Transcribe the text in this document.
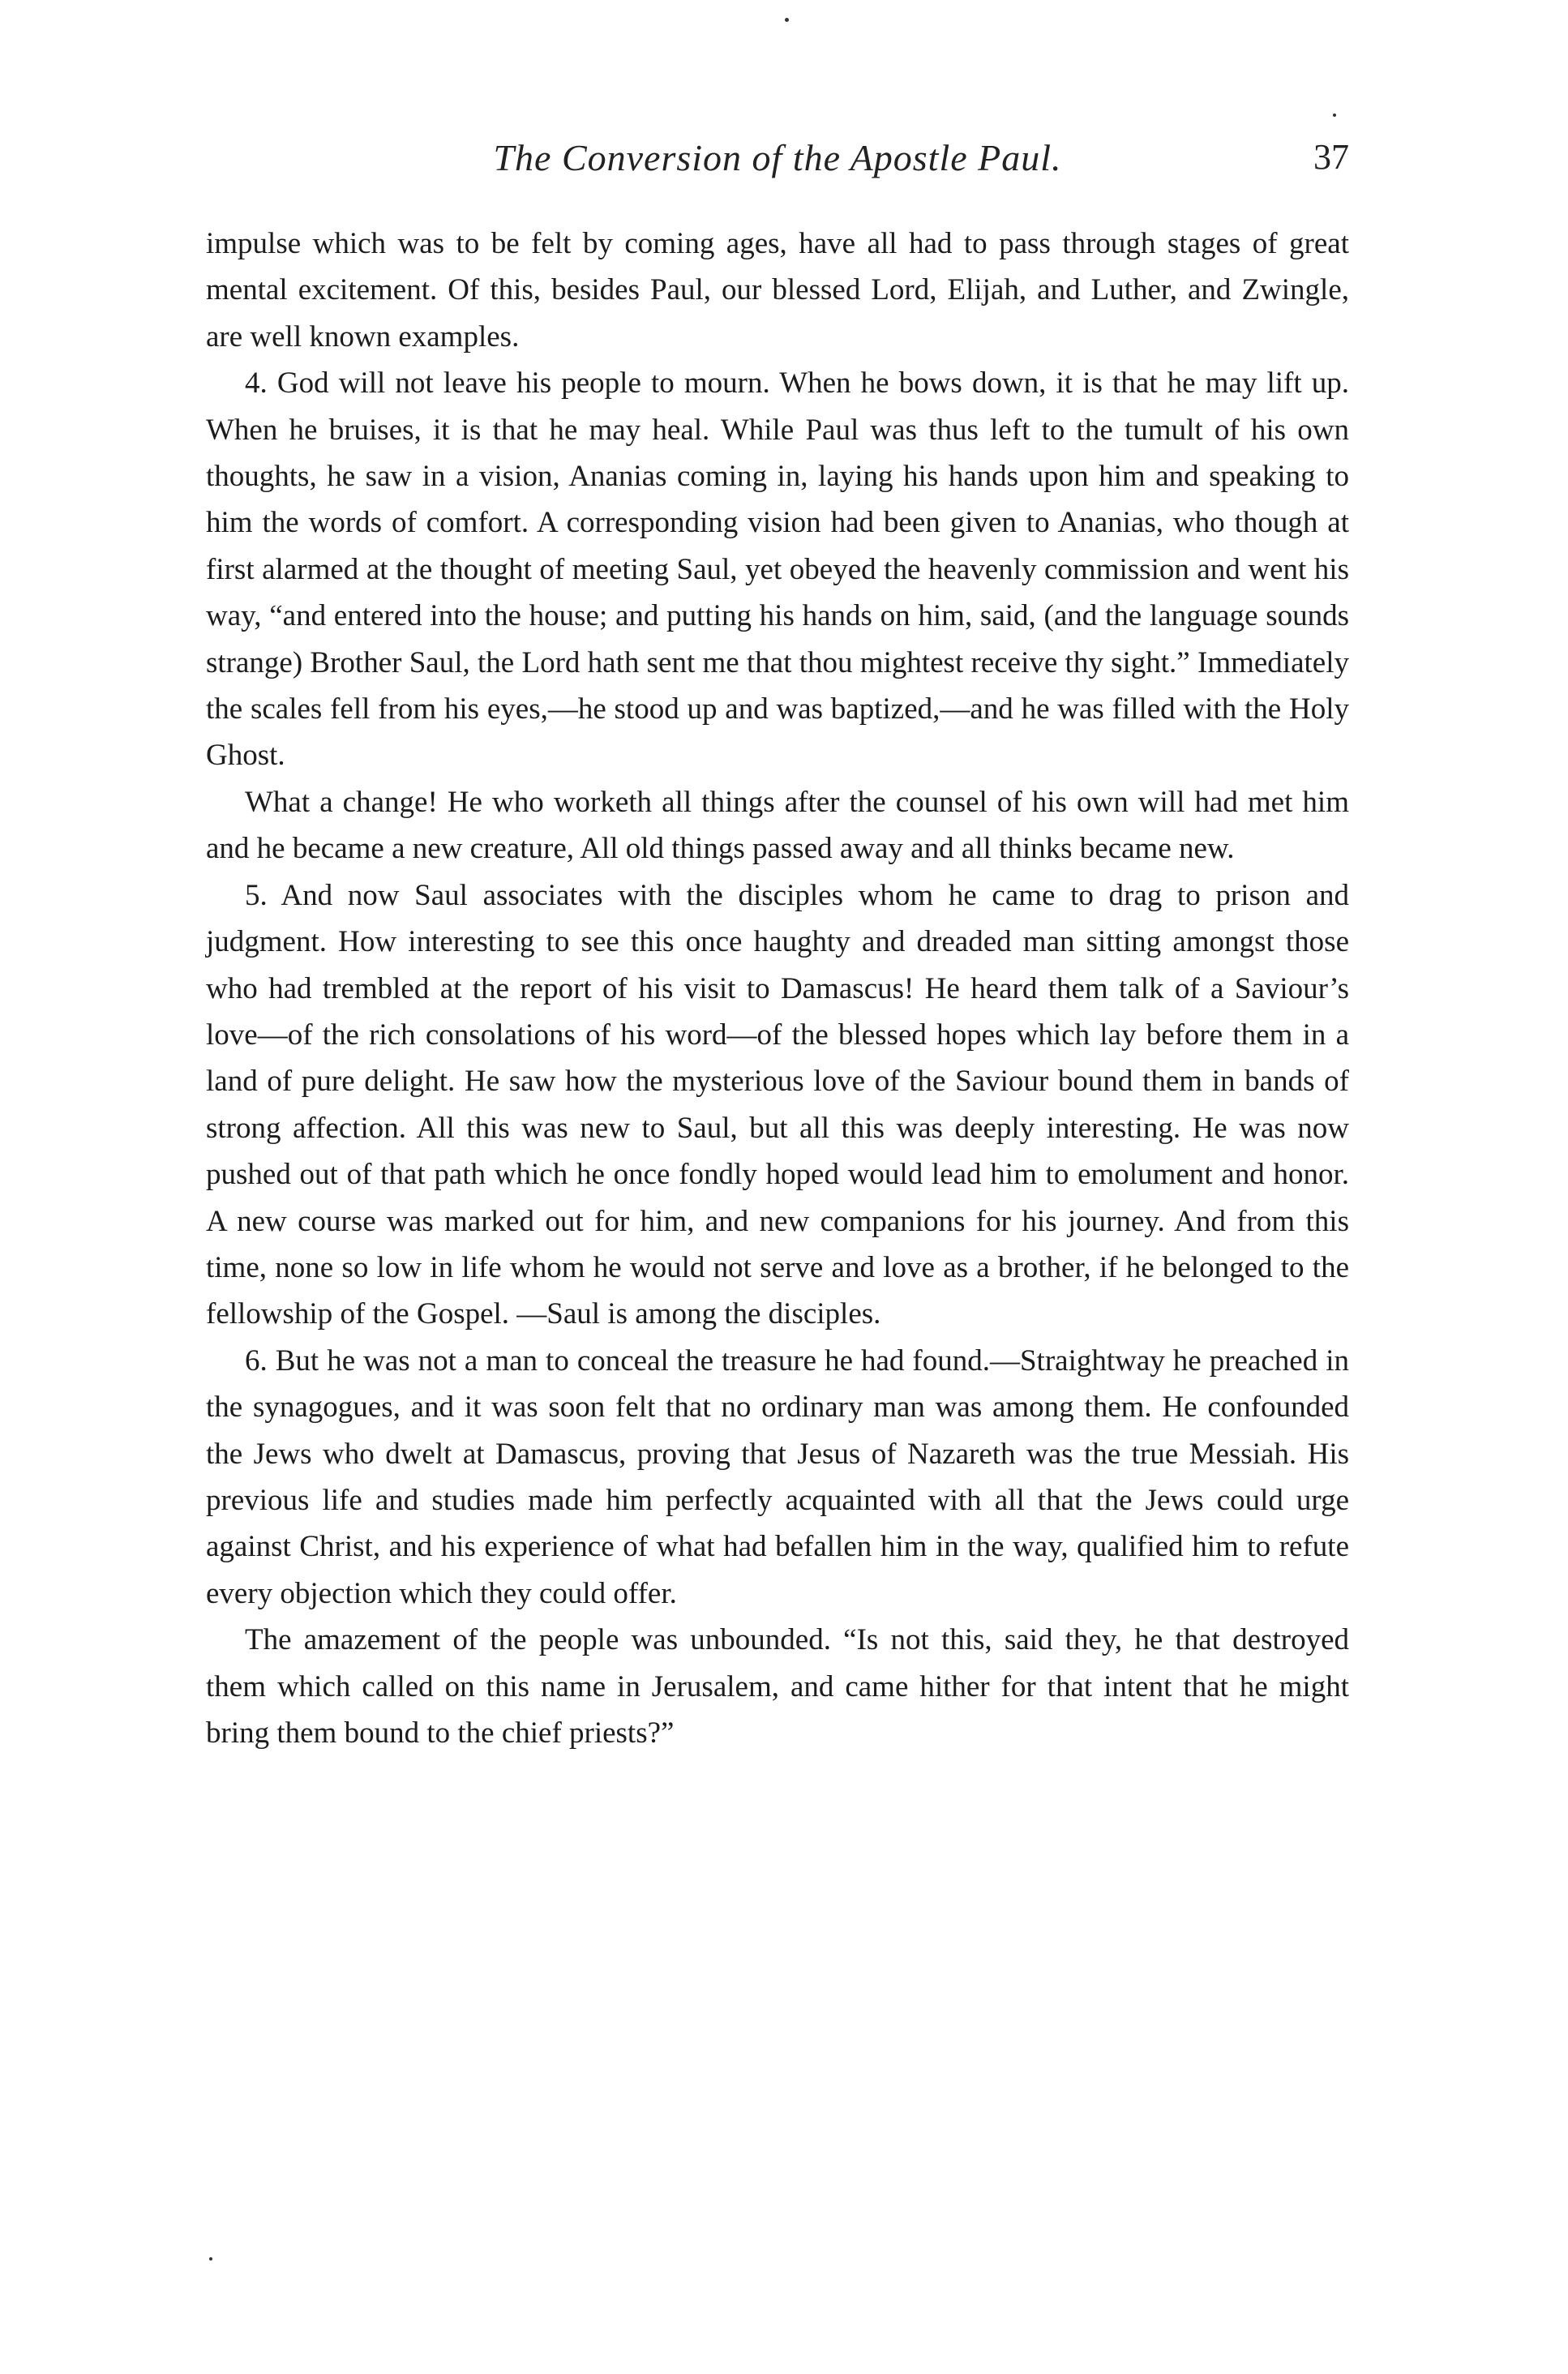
The Conversion of the Apostle Paul.	37

impulse which was to be felt by coming ages, have all had to pass through stages of great mental excitement. Of this, besides Paul, our blessed Lord, Elijah, and Luther, and Zwingle, are well known examples.

4. God will not leave his people to mourn. When he bows down, it is that he may lift up. When he bruises, it is that he may heal. While Paul was thus left to the tumult of his own thoughts, he saw in a vision, Ananias coming in, laying his hands upon him and speaking to him the words of comfort. A corresponding vision had been given to Ananias, who though at first alarmed at the thought of meeting Saul, yet obeyed the heavenly commission and went his way, “and entered into the house; and putting his hands on him, said, (and the language sounds strange) Brother Saul, the Lord hath sent me that thou mightest receive thy sight.” Immediately the scales fell from his eyes,—he stood up and was baptized,—and he was filled with the Holy Ghost.

What a change! He who worketh all things after the counsel of his own will had met him and he became a new creature, All old things passed away and all thinks became new.

5. And now Saul associates with the disciples whom he came to drag to prison and judgment. How interesting to see this once haughty and dreaded man sitting amongst those who had trembled at the report of his visit to Damascus! He heard them talk of a Saviour’s love—of the rich consolations of his word—of the blessed hopes which lay before them in a land of pure delight. He saw how the mysterious love of the Saviour bound them in bands of strong affection. All this was new to Saul, but all this was deeply interesting. He was now pushed out of that path which he once fondly hoped would lead him to emolument and honor. A new course was marked out for him, and new companions for his journey. And from this time, none so low in life whom he would not serve and love as a brother, if he belonged to the fellowship of the Gospel. —Saul is among the disciples.

6. But he was not a man to conceal the treasure he had found.—Straightway he preached in the synagogues, and it was soon felt that no ordinary man was among them. He confounded the Jews who dwelt at Damascus, proving that Jesus of Nazareth was the true Messiah. His previous life and studies made him perfectly acquainted with all that the Jews could urge against Christ, and his experience of what had befallen him in the way, qualified him to refute every objection which they could offer.

The amazement of the people was unbounded. “Is not this, said they, he that destroyed them which called on this name in Jerusalem, and came hither for that intent that he might bring them bound to the chief priests?”
